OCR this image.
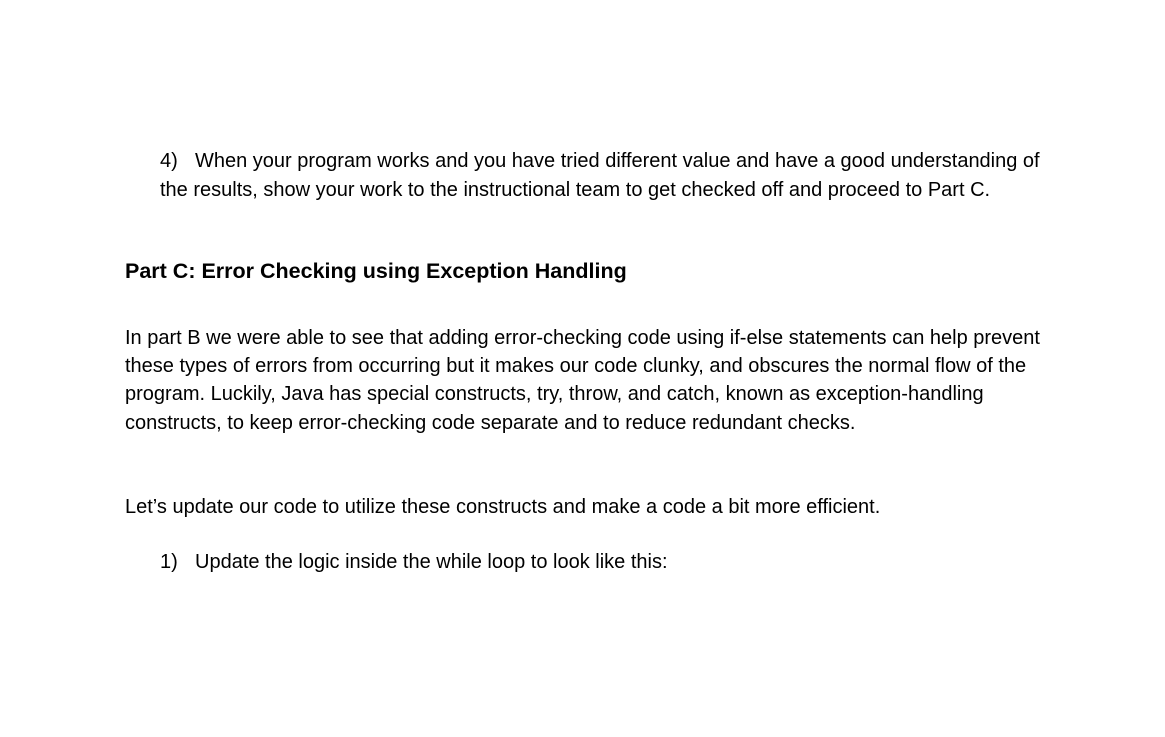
4) When your program works and you have tried different value and have a good understanding of the results, show your work to the instructional team to get checked off and proceed to Part C.
Part C: Error Checking using Exception Handling

In part B we were able to see that adding error-checking code using if-else statements can help prevent these types of errors from occurring but it makes our code clunky, and obscures the normal flow of the program. Luckily, Java has special constructs, try, throw, and catch, known as exception-handling constructs, to keep error-checking code separate and to reduce redundant checks.

Let’s update our code to utilize these constructs and make a code a bit more efficient.

1) Update the logic inside the while loop to look like this:
